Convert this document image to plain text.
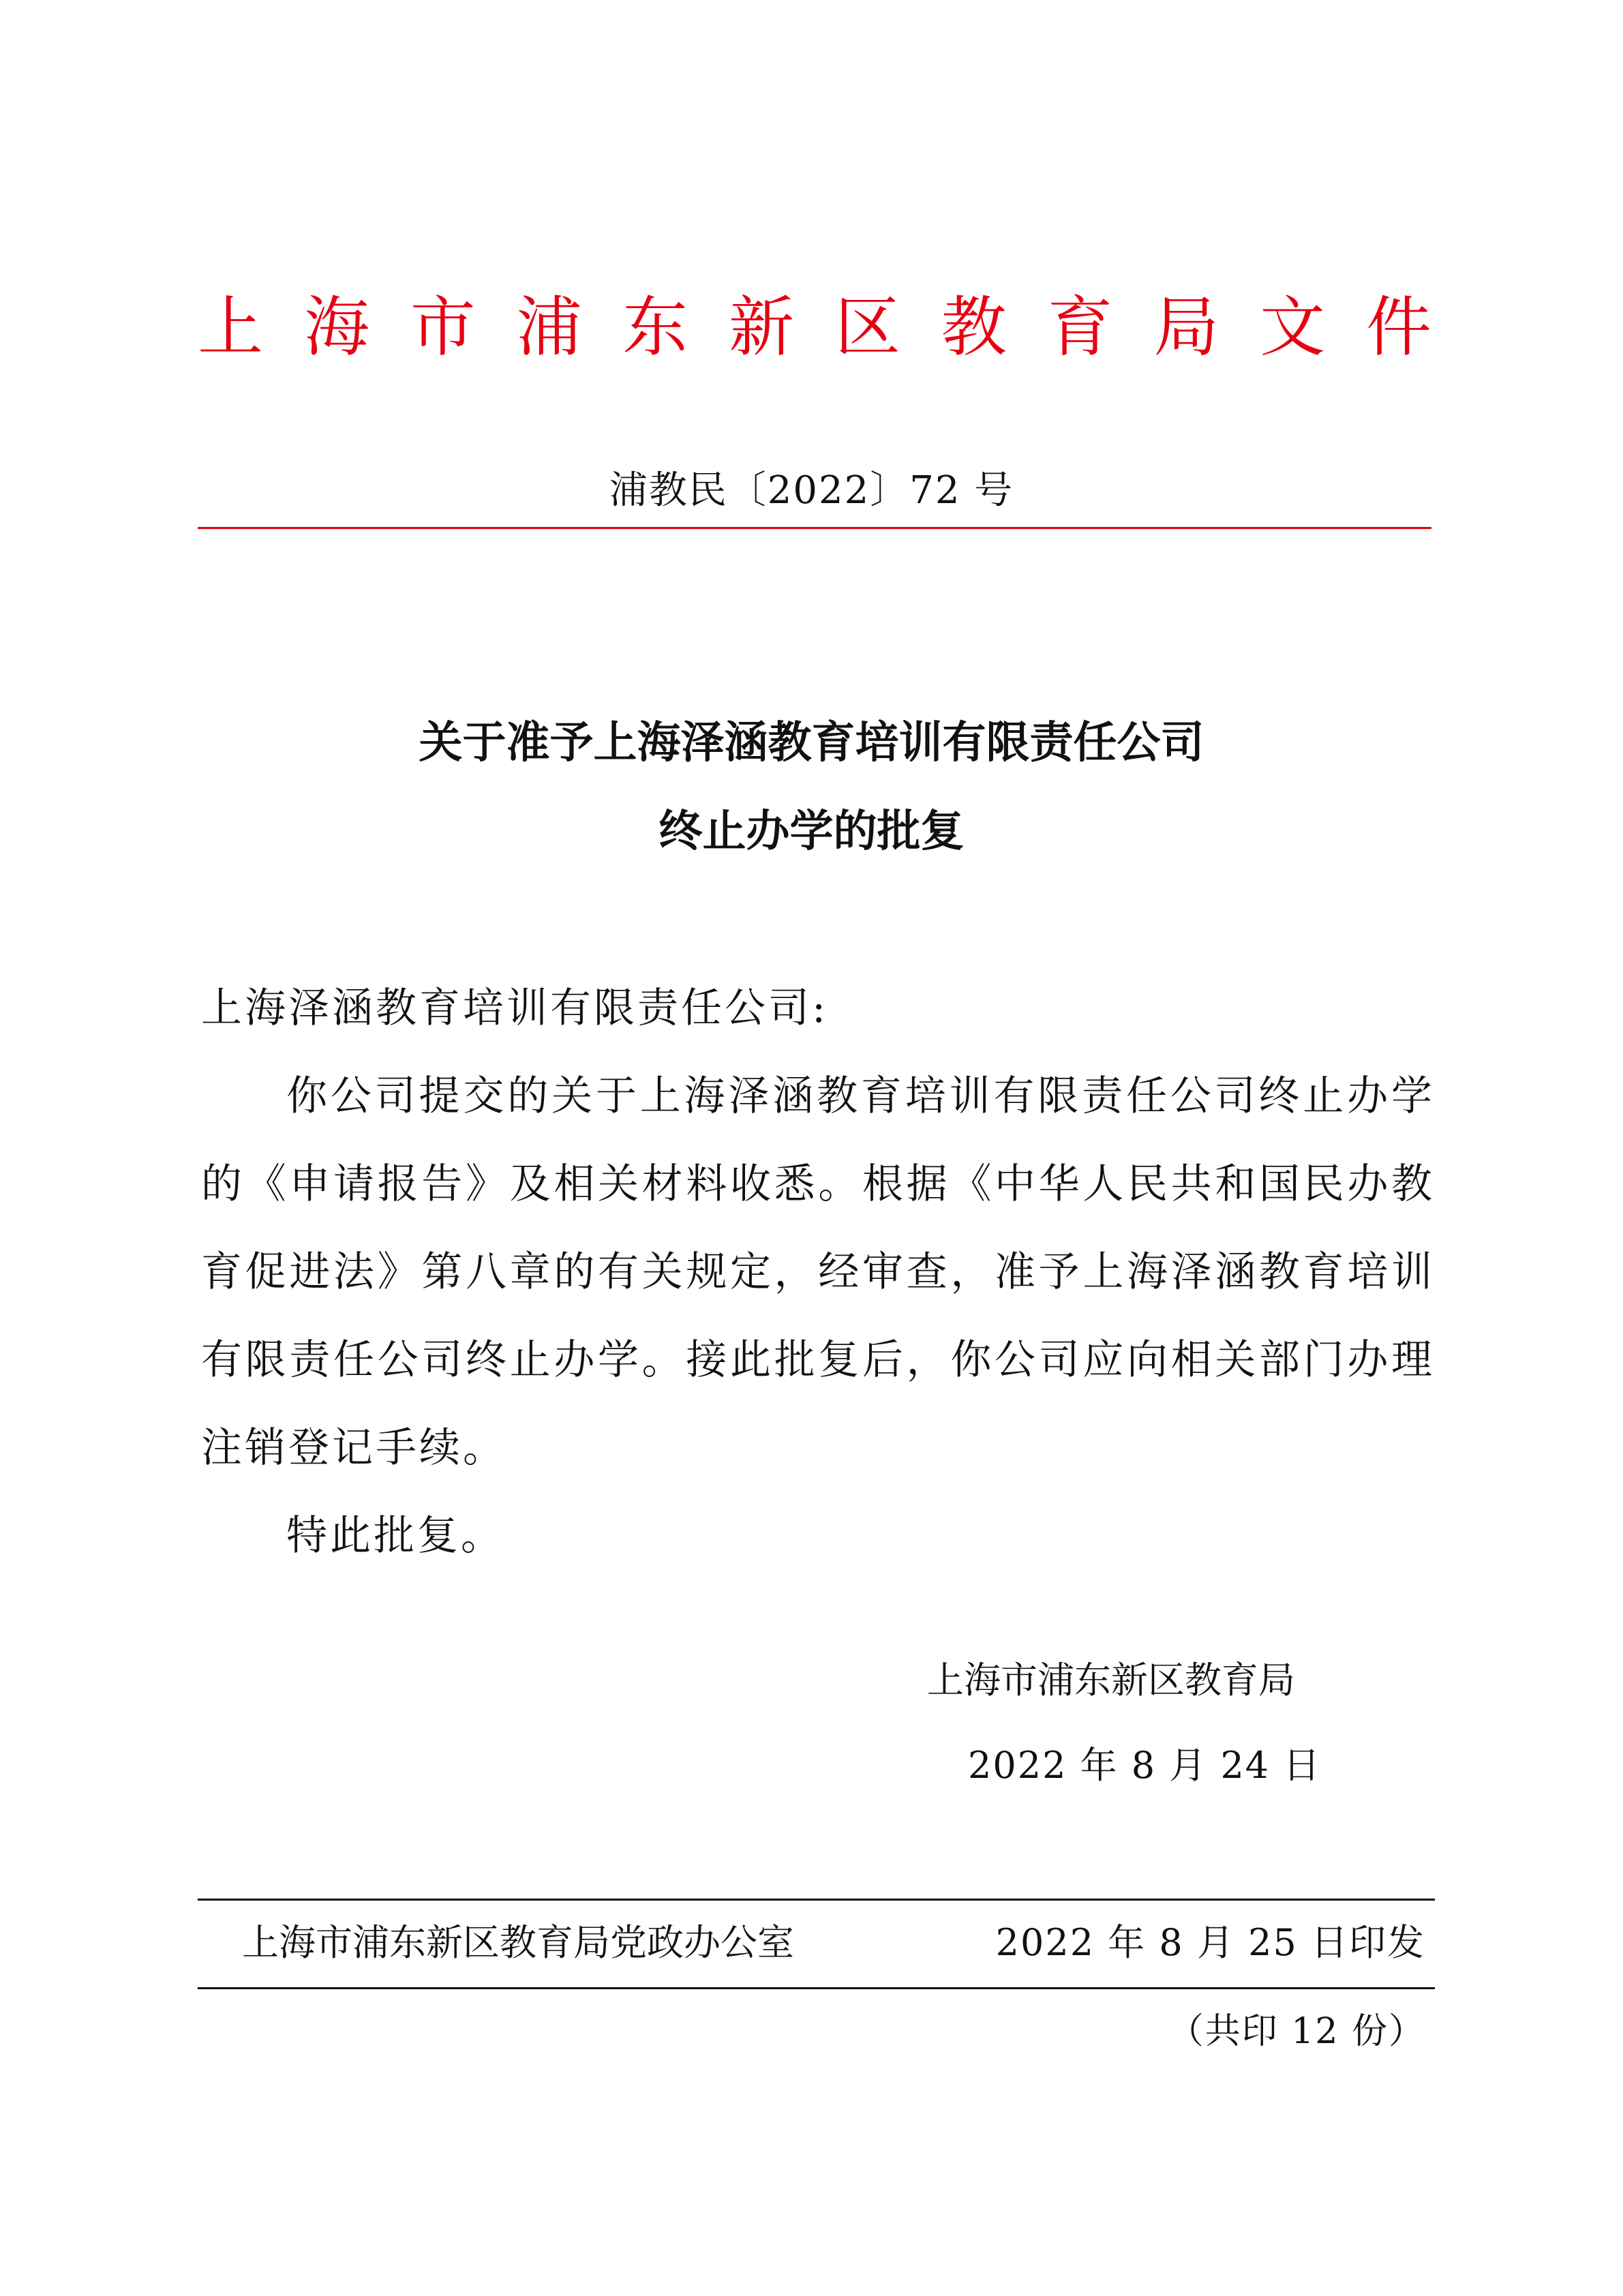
上 海 市 浦 东 新 区 教 育 局 文 件
浦教民〔2022〕72 号
关于准予上海泽涵教育培训有限责任公司
终止办学的批复
上海泽涵教育培训有限责任公司:
你公司提交的关于上海泽涵教育培训有限责任公司终止办学的《申请报告》及相关材料收悉。根据《中华人民共和国民办教育促进法》第八章的有关规定，经审查，准予上海泽涵教育培训有限责任公司终止办学。接此批复后，你公司应向相关部门办理注销登记手续。
特此批复。
上海市浦东新区教育局
2022 年 8 月 24 日
上海市浦东新区教育局党政办公室	2022 年 8 月 25 日印发
（共印 12 份）
